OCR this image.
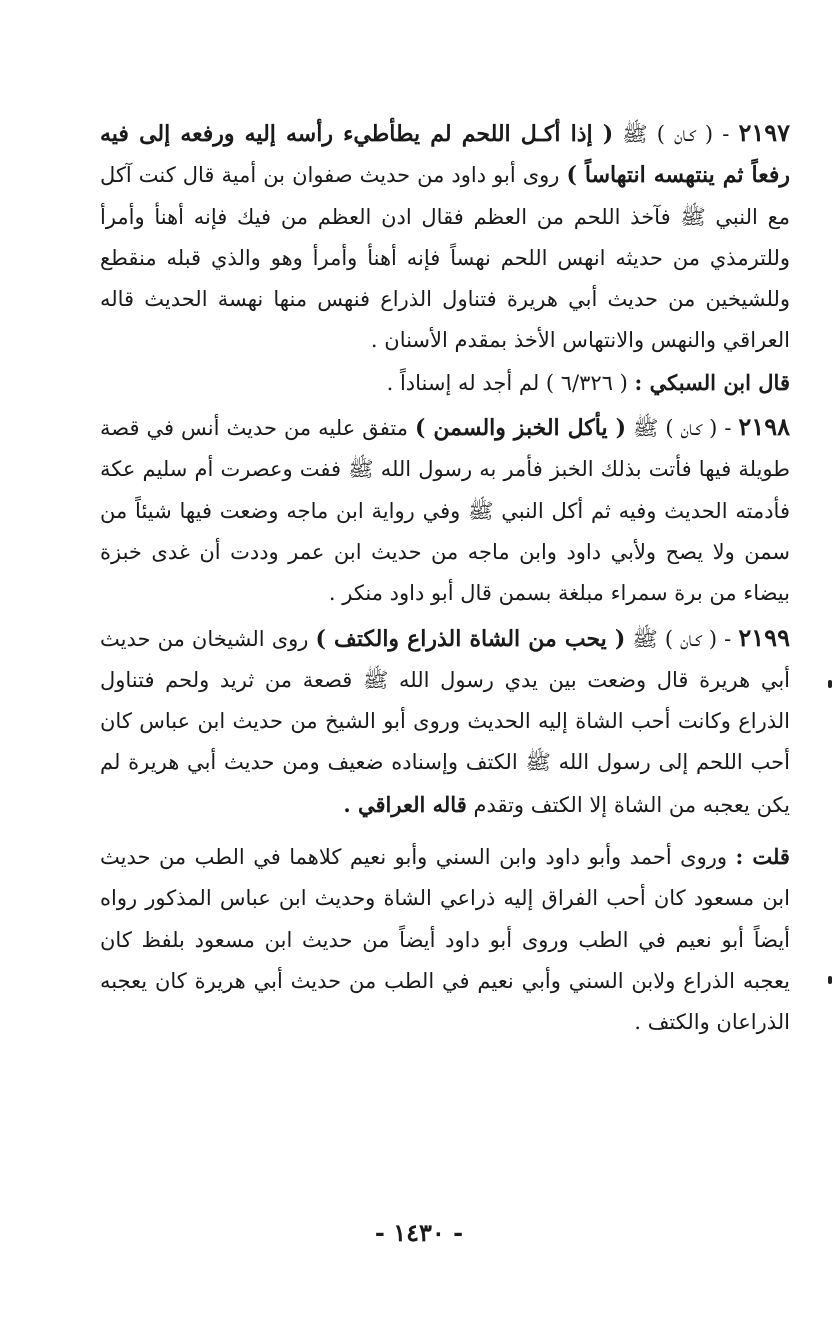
٢١٩٧ - ( كـان ) ﷺ ( إذا أكـل اللحم لم يطأطيء رأسه إليه ورفعه إلى فيه رفعاً ثم ينتهسه انتهاساً ) روى أبو داود من حديث صفوان بن أمية قال كنت آكل مع النبي ﷺ فآخذ اللحم من العظم فقال ادن العظم من فيك فإنه أهنأ وأمرأ وللترمذي من حديثه انهس اللحم نهساً فإنه أهنأ وأمرأ وهو والذي قبله منقطع وللشيخين من حديث أبي هريرة فتناول الذراع فنهس منها نهسة الحديث قاله العراقي والنهس والانتهاس الأخذ بمقدم الأسنان .

قال ابن السبكي : ( ٦/٣٢٦ ) لم أجد له إسناداً .

٢١٩٨ - ( كـان ) ﷺ ( يأكل الخبز والسمن ) متفق عليه من حديث أنس في قصة طويلة فيها فأتت بذلك الخبز فأمر به رسول الله ﷺ ففت وعصرت أم سليم عكة فأدمته الحديث وفيه ثم أكل النبي ﷺ وفي رواية ابن ماجه وضعت فيها شيئاً من سمن ولا يصح ولأبي داود وابن ماجه من حديث ابن عمر وددت أن غدى خبزة بيضاء من برة سمراء مبلغة بسمن قال أبو داود منكر .

٢١٩٩ - ( كـان ) ﷺ ( يحب من الشاة الذراع والكتف ) روى الشيخان من حديث أبي هريرة قال وضعت بين يدي رسول الله ﷺ قصعة من ثريد ولحم فتناول الذراع وكانت أحب الشاة إليه الحديث وروى أبو الشيخ من حديث ابن عباس كان أحب اللحم إلى رسول الله ﷺ الكتف وإسناده ضعيف ومن حديث أبي هريرة لم يكن يعجبه من الشاة إلا الكتف وتقدم قاله العراقي .

قلت : وروى أحمد وأبو داود وابن السني وأبو نعيم كلاهما في الطب من حديث ابن مسعود كان أحب الفراق إليه ذراعي الشاة وحديث ابن عباس المذكور رواه أيضاً أبو نعيم في الطب وروى أبو داود أيضاً من حديث ابن مسعود بلفظ كان يعجبه الذراع ولابن السني وأبي نعيم في الطب من حديث أبي هريرة كان يعجبه الذراعان والكتف .

- ١٤٣٠ -
